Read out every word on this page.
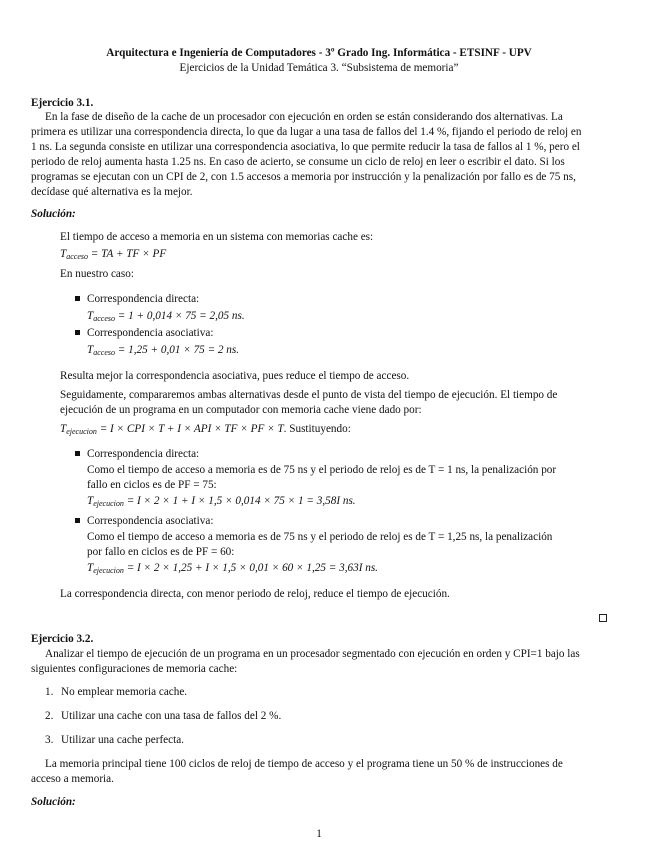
Arquitectura e Ingeniería de Computadores - 3º Grado Ing. Informática - ETSINF - UPV
Ejercicios de la Unidad Temática 3. “Subsistema de memoria”
Ejercicio 3.1.
En la fase de diseño de la cache de un procesador con ejecución en orden se están considerando dos alternativas. La
primera es utilizar una correspondencia directa, lo que da lugar a una tasa de fallos del 1.4 %, fijando el periodo de reloj en
1 ns. La segunda consiste en utilizar una correspondencia asociativa, lo que permite reducir la tasa de fallos al 1 %, pero el
periodo de reloj aumenta hasta 1.25 ns. En caso de acierto, se consume un ciclo de reloj en leer o escribir el dato. Si los
programas se ejecutan con un CPI de 2, con 1.5 accesos a memoria por instrucción y la penalización por fallo es de 75 ns,
decídase qué alternativa es la mejor.
Solución:
El tiempo de acceso a memoria en un sistema con memorias cache es:
$T_{acceso}$ = TA + TF × PF
En nuestro caso:
Correspondencia directa:
$T_{acceso} = 1 + 0,014 \times 75 = 2,05$ ns.
Correspondencia asociativa:
$T_{acceso} = 1,25 + 0,01 \times 75 = 2$ ns.
Resulta mejor la correspondencia asociativa, pues reduce el tiempo de acceso.
Seguidamente, compararemos ambas alternativas desde el punto de vista del tiempo de ejecución. El tiempo de
ejecución de un programa en un computador con memoria cache viene dado por:
$T_{ejecucion} = I$ × CPI × T + I × API × TF × PF × T. Sustituyendo:
Correspondencia directa:
Como el tiempo de acceso a memoria es de 75 ns y el periodo de reloj es de T = 1 ns, la penalización por
fallo en ciclos es de PF = 75:
$T_{ejecucion} = I \times 2 \times 1 + I \times 1,5 \times 0,014 \times 75 \times 1 = 3,58I$ ns.
Correspondencia asociativa:
Como el tiempo de acceso a memoria es de 75 ns y el periodo de reloj es de T = 1,25 ns, la penalización
por fallo en ciclos es de PF = 60:
$T_{ejecucion} = I \times 2 \times 1,25 + I \times 1,5 \times 0,01 \times 60 \times 1,25 = 3,63I$ ns.
La correspondencia directa, con menor periodo de reloj, reduce el tiempo de ejecución.
Ejercicio 3.2.
Analizar el tiempo de ejecución de un programa en un procesador segmentado con ejecución en orden y CPI=1 bajo las
siguientes configuraciones de memoria cache:
1. No emplear memoria cache.
2. Utilizar una cache con una tasa de fallos del 2 %.
3. Utilizar una cache perfecta.
La memoria principal tiene 100 ciclos de reloj de tiempo de acceso y el programa tiene un 50 % de instrucciones de
acceso a memoria.
Solución:
1
